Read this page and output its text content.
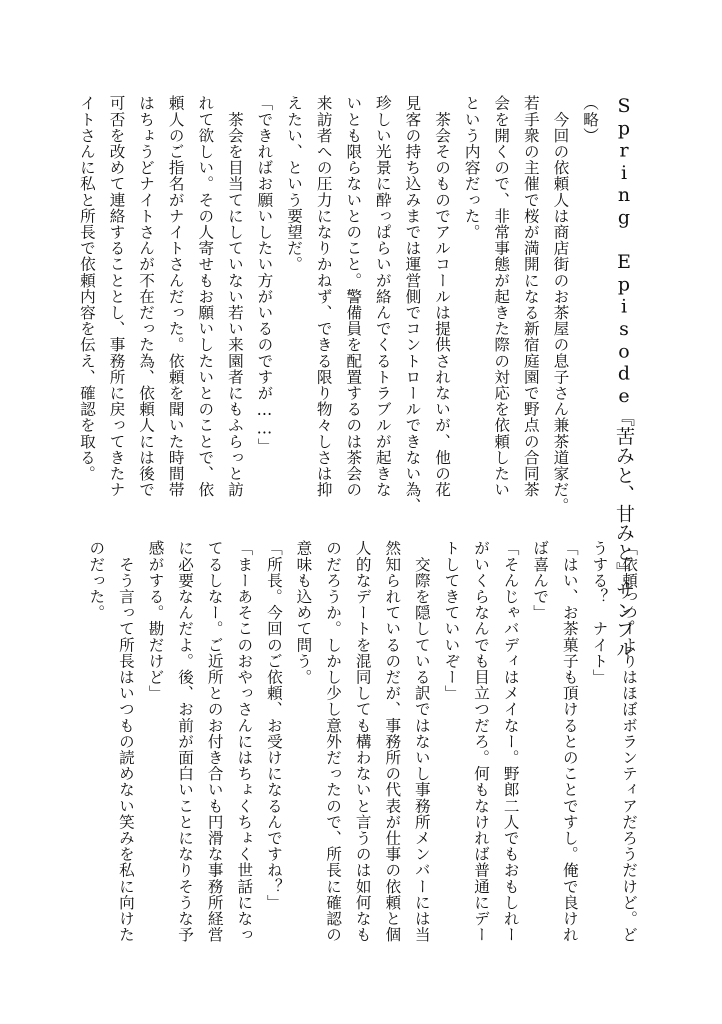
Spring Episode『苦みと、甘みと』サンプル
（略）
　今回の依頼人は商店街のお茶屋の息子さん兼茶道家だ。
若手衆の主催で桜が満開になる新宿庭園で野点の合同茶
会を開くので、非常事態が起きた際の対応を依頼したい
という内容だった。
　茶会そのものでアルコールは提供されないが、他の花
見客の持ち込みまでは運営側でコントロールできない為、
珍しい光景に酔っぱらいが絡んでくるトラブルが起きな
いとも限らないとのこと。警備員を配置するのは茶会の
来訪者への圧力になりかねず、できる限り物々しさは抑
えたい、という要望だ。
「できればお願いしたい方がいるのですが……」
　茶会を目当てにしていない若い来園者にもふらっと訪
れて欲しい。その人寄せもお願いしたいとのことで、依
頼人のご指名がナイトさんだった。依頼を聞いた時間帯
はちょうどナイトさんが不在だった為、依頼人には後で
可否を改めて連絡することとし、事務所に戻ってきたナ
イトさんに私と所長で依頼内容を伝え、確認を取る。
「依頼っつーよりはほぼボランティアだろうだけど。ど
うする？　ナイト」
「はい、お茶菓子も頂けるとのことですし。俺で良けれ
ば喜んで」
「そんじゃバディはメイなー。野郎二人でもおもしれー
がいくらなんでも目立つだろ。何もなければ普通にデー
トしてきていいぞー」
　交際を隠している訳ではないし事務所メンバーには当
然知られているのだが、事務所の代表が仕事の依頼と個
人的なデートを混同しても構わないと言うのは如何なも
のだろうか。しかし少し意外だったので、所長に確認の
意味も込めて問う。
「所長。今回のご依頼、お受けになるんですね？」
「まーあそこのおやっさんにはちょくちょく世話になっ
てるしなー。ご近所とのお付き合いも円滑な事務所経営
に必要なんだよ。後、お前が面白いことになりそうな予
感がする。勘だけど」
　そう言って所長はいつもの読めない笑みを私に向けた
のだった。
